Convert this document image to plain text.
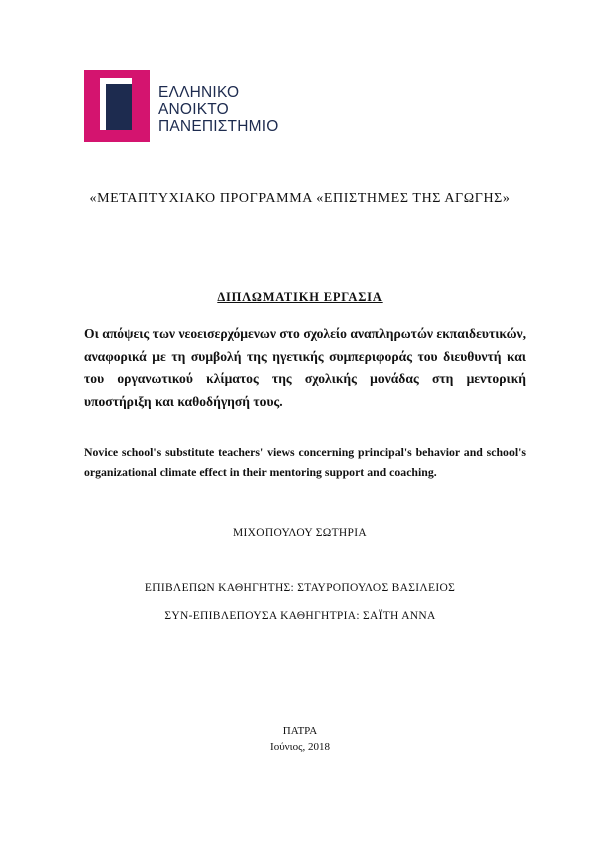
ΕΛΛΗΝΙΚΟ
ΑΝΟΙΚΤΟ
ΠΑΝΕΠΙΣΤΗΜΙΟ
«ΜΕΤΑΠΤΥΧΙΑΚΟ ΠΡΟΓΡΑΜΜΑ «ΕΠΙΣΤΗΜΕΣ ΤΗΣ ΑΓΩΓΗΣ»
ΔΙΠΛΩΜΑΤΙΚΗ ΕΡΓΑΣΙΑ
Οι απόψεις των νεοεισερχόμενων στο σχολείο αναπληρωτών εκπαιδευτικών, αναφορικά με τη συμβολή της ηγετικής συμπεριφοράς του διευθυντή και του οργανωτικού κλίματος της σχολικής μονάδας στη μεντορική υποστήριξη και καθοδήγησή τους.
Novice school's substitute teachers' views concerning principal's behavior and school's organizational climate effect in their mentoring support and coaching.
ΜΙΧΟΠΟΥΛΟΥ ΣΩΤΗΡΙΑ
ΕΠΙΒΛΕΠΩΝ ΚΑΘΗΓΗΤΗΣ: ΣΤΑΥΡΟΠΟΥΛΟΣ ΒΑΣΙΛΕΙΟΣ
ΣΥΝ-ΕΠΙΒΛΕΠΟΥΣΑ ΚΑΘΗΓΗΤΡΙΑ: ΣΑΪΤΗ ΑΝΝΑ
ΠΑΤΡΑ
Ιούνιος, 2018
